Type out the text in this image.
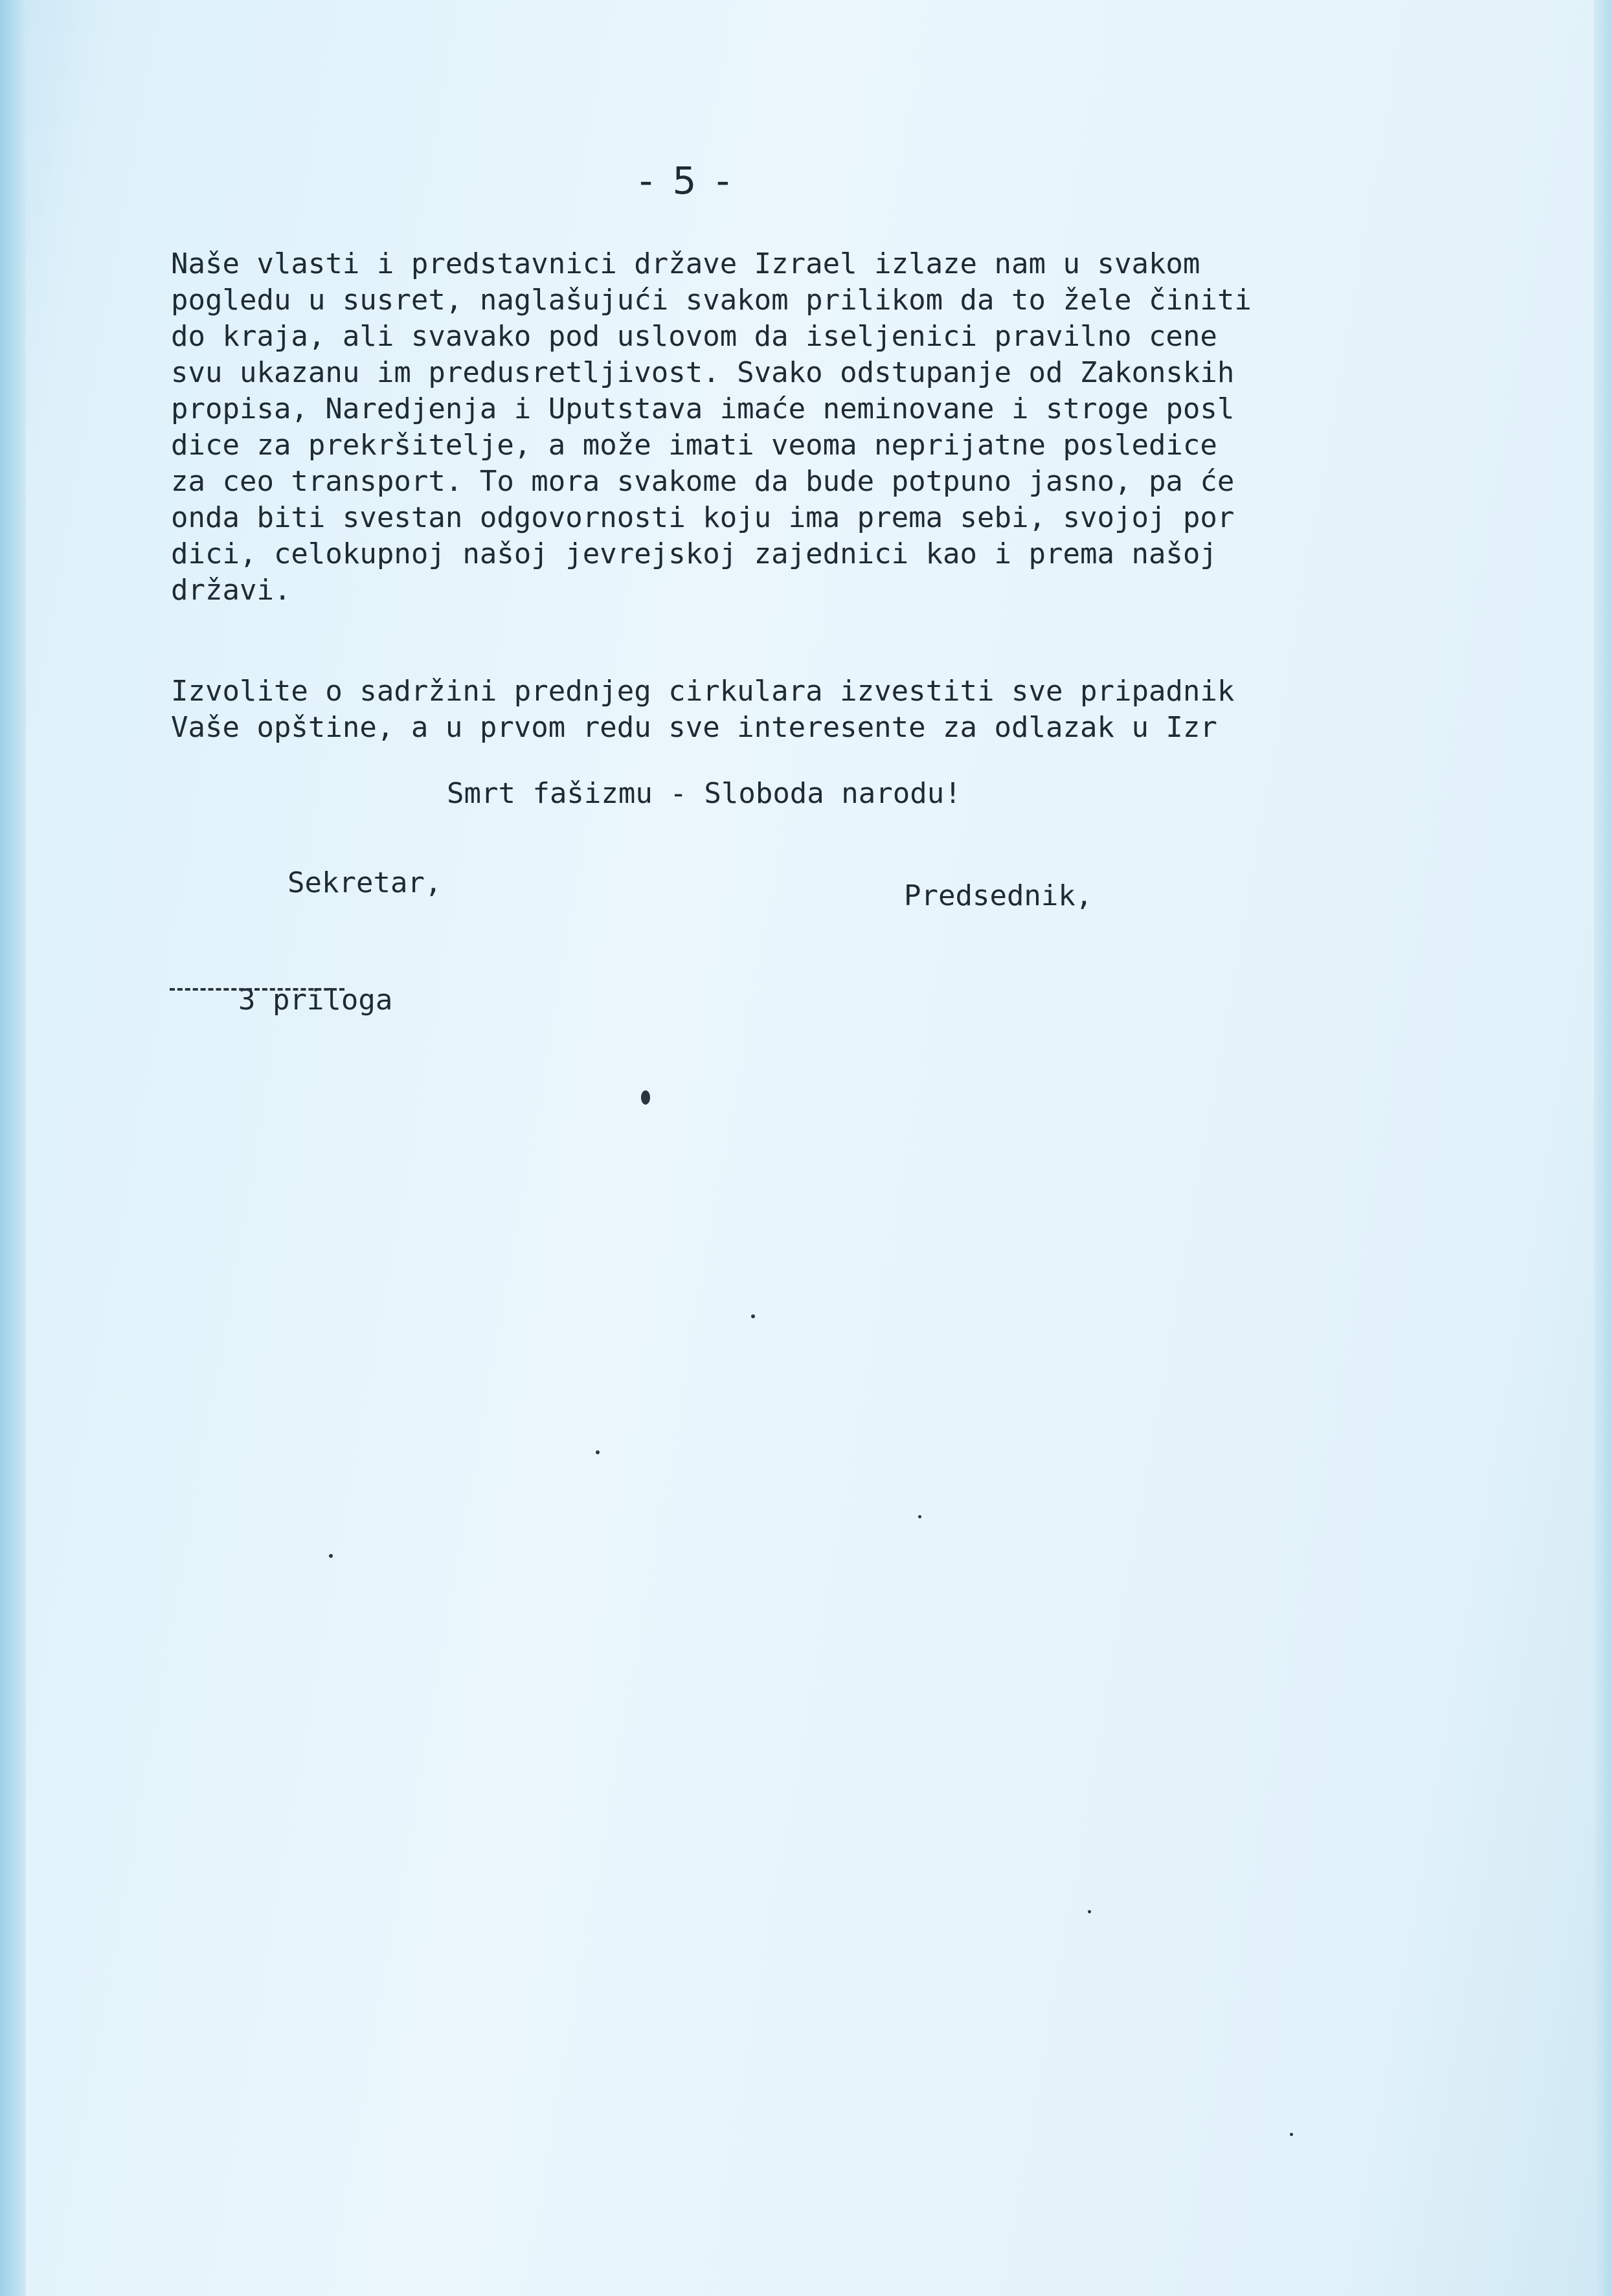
- 5 -
Naše vlasti i predstavnici države Izrael izlaze nam u svakom
pogledu u susret, naglašujući svakom prilikom da to žele činiti
do kraja, ali svavako pod uslovom da iseljenici pravilno cene
svu ukazanu im predusretljivost. Svako odstupanje od Zakonskih
propisa, Naredjenja i Uputstava imaće neminovane i stroge posl
dice za prekršitelje, a može imati veoma neprijatne posledice
za ceo transport. To mora svakome da bude potpuno jasno, pa će
onda biti svestan odgovornosti koju ima prema sebi, svojoj por
dici, celokupnoj našoj jevrejskoj zajednici kao i prema našoj
državi.
Izvolite o sadržini prednjeg cirkulara izvestiti sve pripadnik
Vaše opštine, a u prvom redu sve interesente za odlazak u Izr
Smrt fašizmu - Sloboda narodu!
Sekretar,	Predsednik,

3 priloga
